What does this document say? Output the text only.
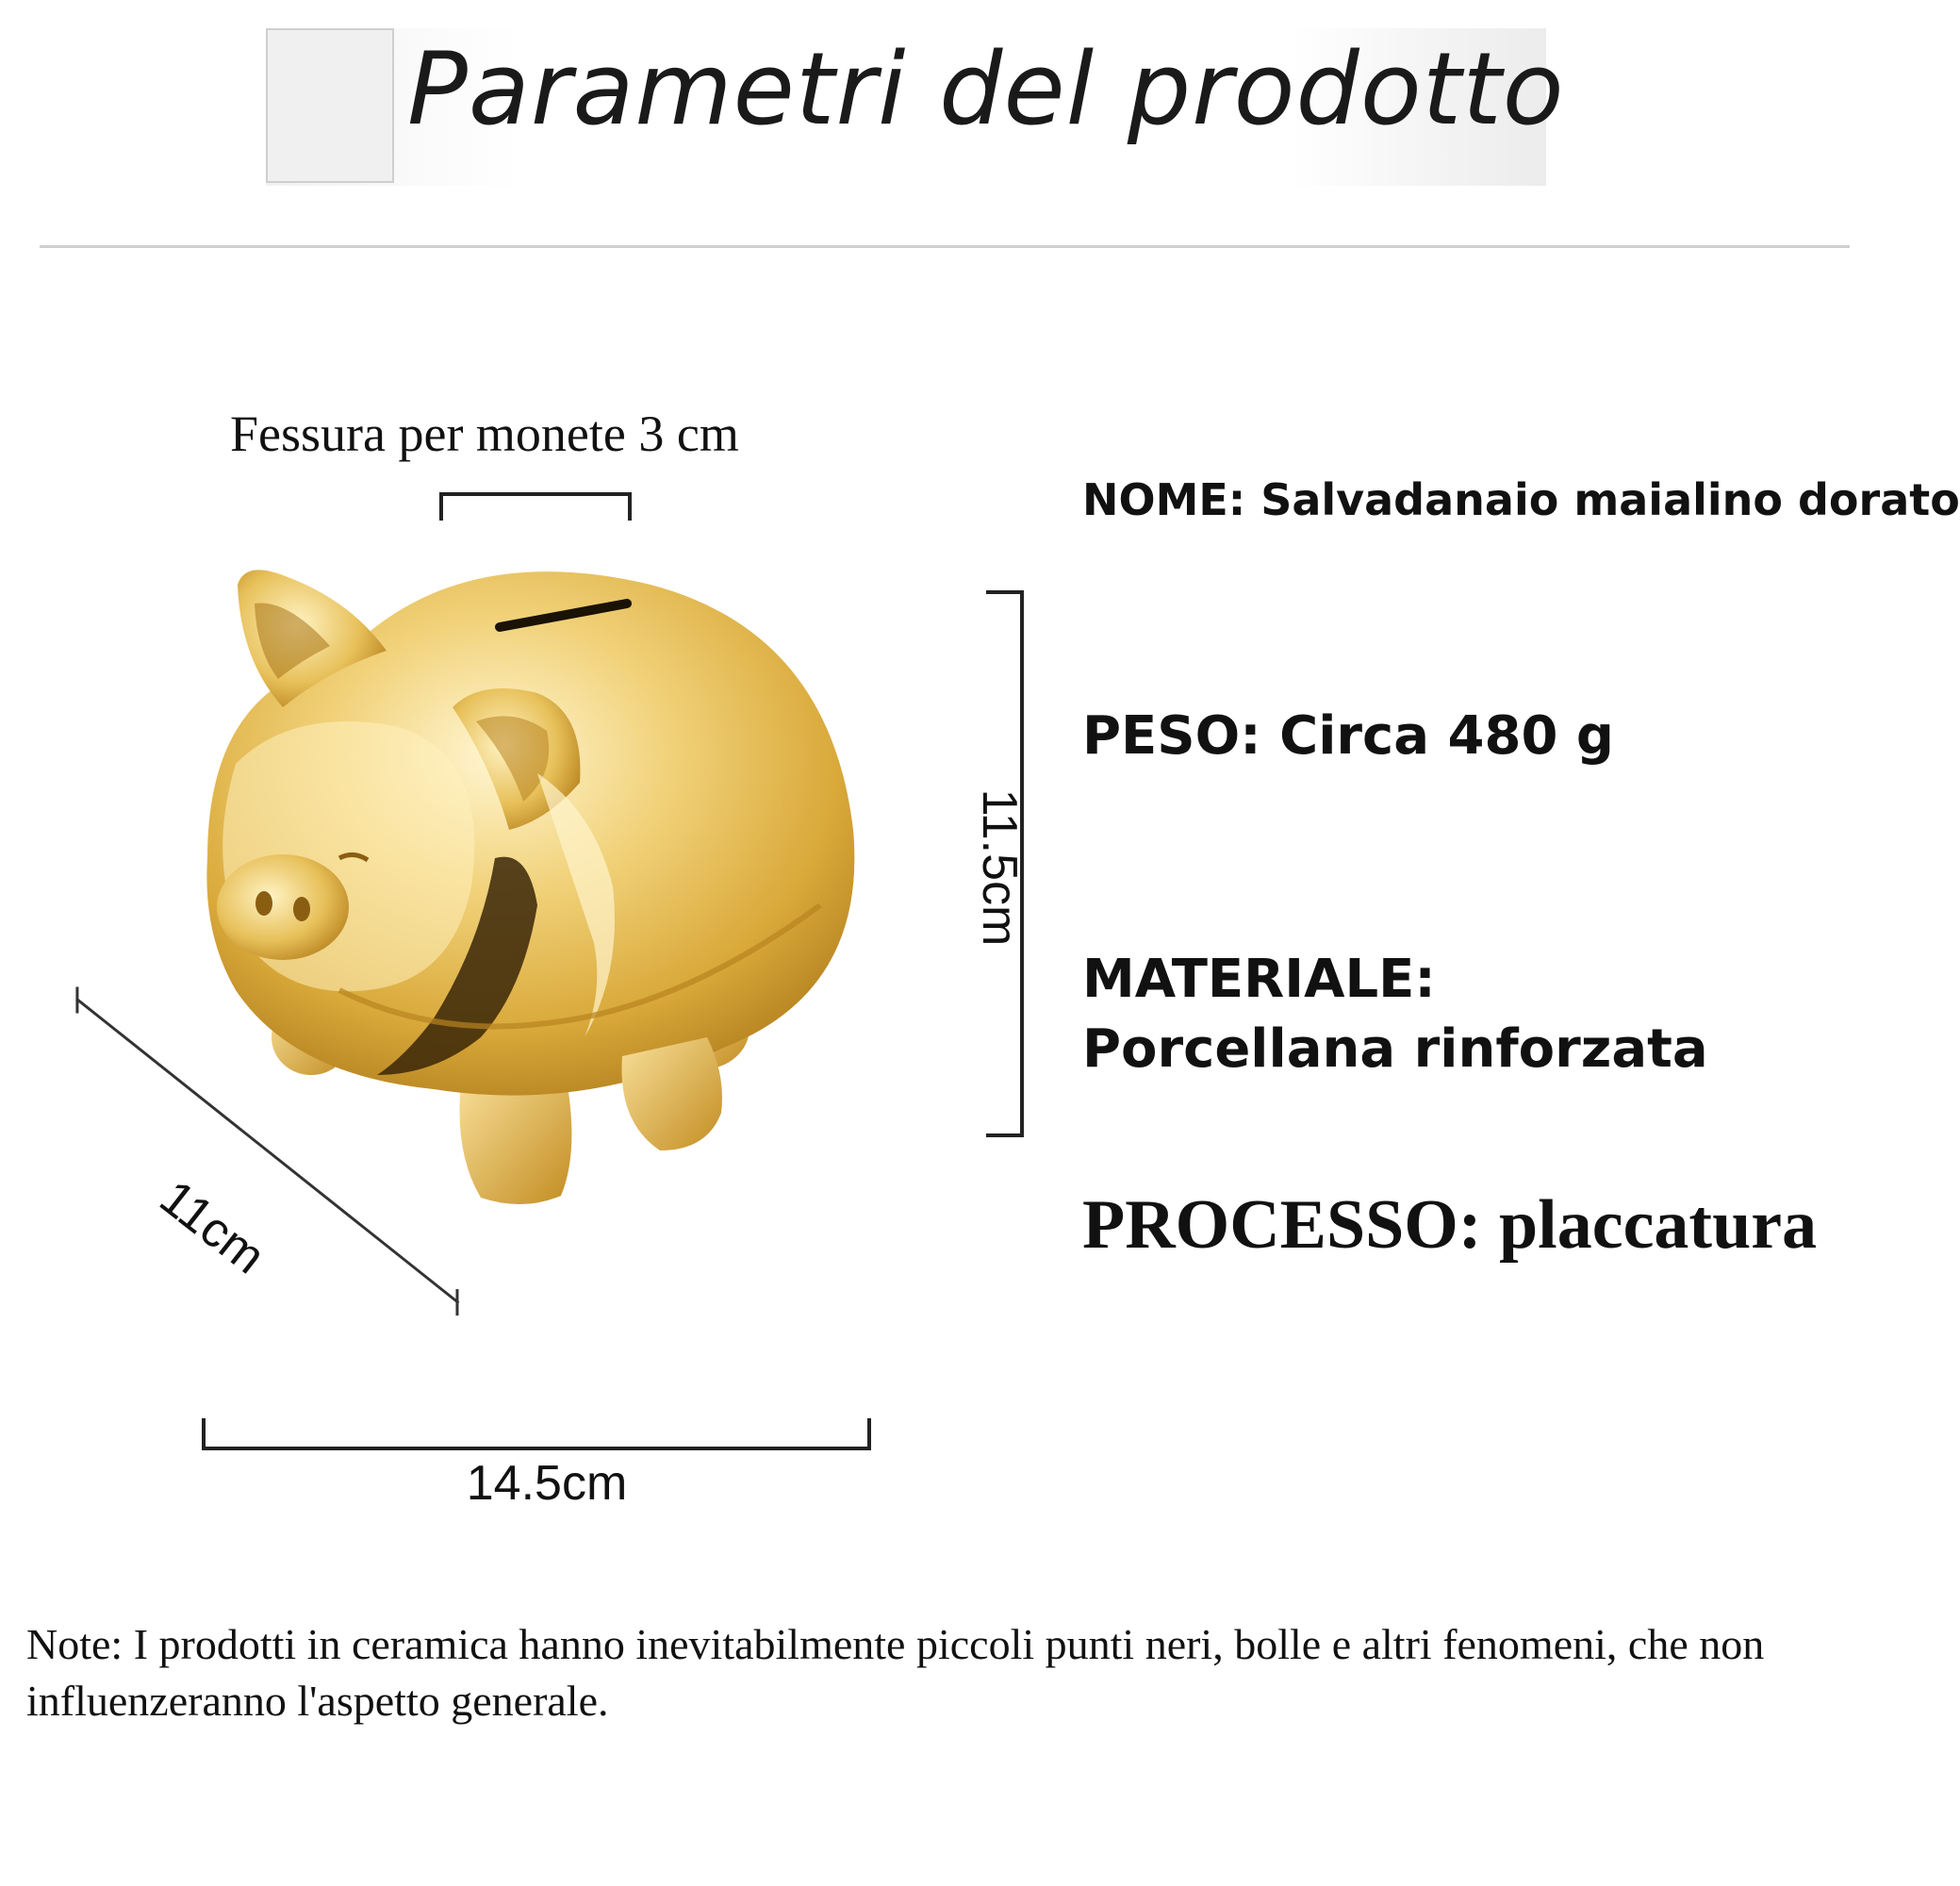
Parametri del prodotto
Fessura per monete 3 cm
11.5cm
11cm
14.5cm
NOME: Salvadanaio maialino dorato
PESO: Circa 480 g
MATERIALE: Porcellana rinforzata
PROCESSO: placcatura
Note: I prodotti in ceramica hanno inevitabilmente piccoli punti neri, bolle e altri fenomeni, che non influenzeranno l'aspetto generale.
